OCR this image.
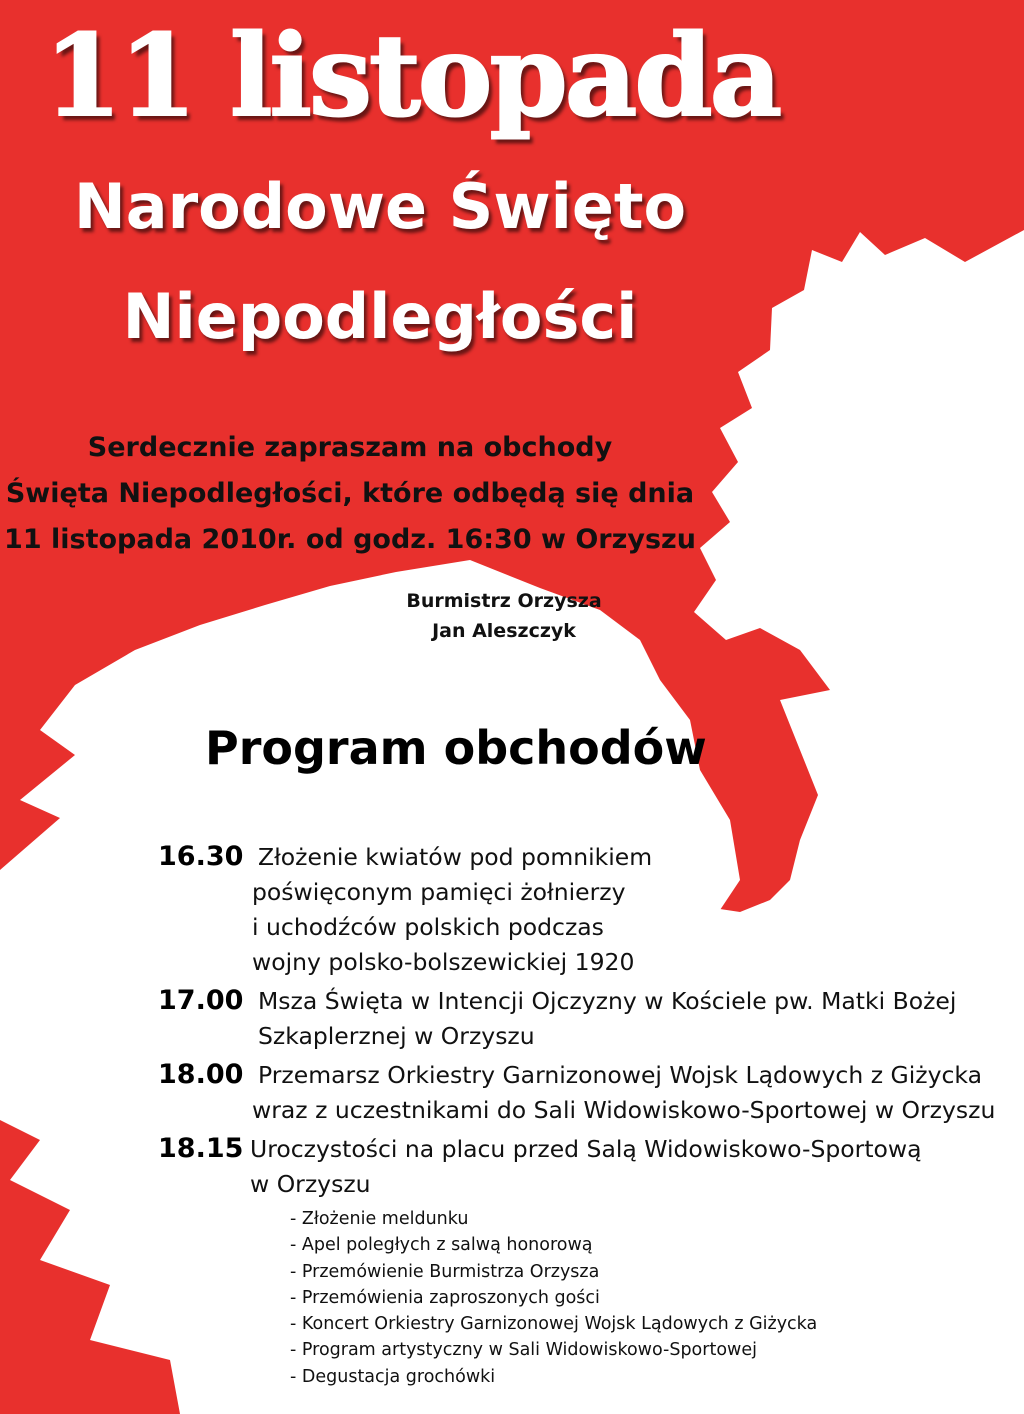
11 listopada
Narodowe Święto
Niepodległości
Serdecznie zapraszam na obchody
Święta Niepodległości, które odbędą się dnia
11 listopada 2010r. od godz. 16:30 w Orzyszu
Burmistrz Orzysza
Jan Aleszczyk
Program obchodów
16.30 Złożenie kwiatów pod pomnikiem
poświęconym pamięci żołnierzy
i uchodźców polskich podczas
wojny polsko-bolszewickiej 1920
17.00 Msza Święta w Intencji Ojczyzny w Kościele pw. Matki Bożej
Szkaplerznej w Orzyszu
18.00 Przemarsz Orkiestry Garnizonowej Wojsk Lądowych z Giżycka
wraz z uczestnikami do Sali Widowiskowo-Sportowej w Orzyszu
18.15 Uroczystości na placu przed Salą Widowiskowo-Sportową
w Orzyszu
- Złożenie meldunku
- Apel poległych z salwą honorową
- Przemówienie Burmistrza Orzysza
- Przemówienia zaproszonych gości
- Koncert Orkiestry Garnizonowej Wojsk Lądowych z Giżycka
- Program artystyczny w Sali Widowiskowo-Sportowej
- Degustacja grochówki
